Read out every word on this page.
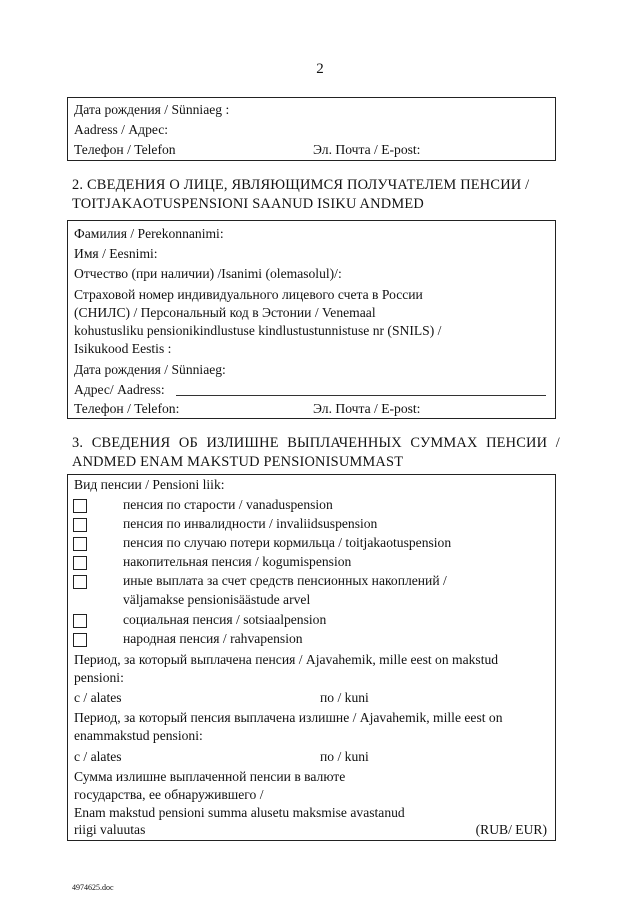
2
Дата рождения / Sünniaeg :
Aadress / Адрес:
Телефон / Telefon	Эл. Почта / E-post:
2. СВЕДЕНИЯ О ЛИЦЕ, ЯВЛЯЮЩИМСЯ ПОЛУЧАТЕЛЕМ ПЕНСИИ /
TOITJAKAOTUSPENSIONI SAANUD ISIKU ANDMED
Фамилия / Perekonnanimi:
Имя / Eesnimi:
Отчество (при наличии) /Isanimi (olemasolul)/:
Страховой номер индивидуального лицевого счета в России
(СНИЛС) / Персональный код в Эстонии / Venemaal
kohustusliku pensionikindlustuse kindlustustunnistuse nr (SNILS) /
Isikukood Eestis :
Дата рождения / Sünniaeg:
Адрес/ Aadress:
Телефон / Telefon:	Эл. Почта / E-post:
3. СВЕДЕНИЯ ОБ ИЗЛИШНЕ ВЫПЛАЧЕННЫХ СУММАХ ПЕНСИИ /
ANDMED ENAM MAKSTUD PENSIONISUMMAST
Вид пенсии / Pensioni liik:
пенсия по старости / vanaduspension
пенсия по инвалидности / invaliidsuspension
пенсия по случаю потери кормильца / toitjakaotuspension
накопительная пенсия / kogumispension
иные выплата за счет средств пенсионных накоплений /
väljamakse pensionisäästude arvel
социальная пенсия / sotsiaalpension
народная пенсия / rahvapension
Период, за который выплачена пенсия / Ajavahemik, mille eest on makstud
pensioni:
с / alates	по / kuni
Период, за который пенсия выплачена излишне / Ajavahemik, mille eest on
enammakstud pensioni:
с / alates	по / kuni
Сумма излишне выплаченной пенсии в валюте
государства, ее обнаружившего /
Enam makstud pensioni summa alusetu maksmise avastanud
riigi valuutas	(RUB/ EUR)
4974625.doc
